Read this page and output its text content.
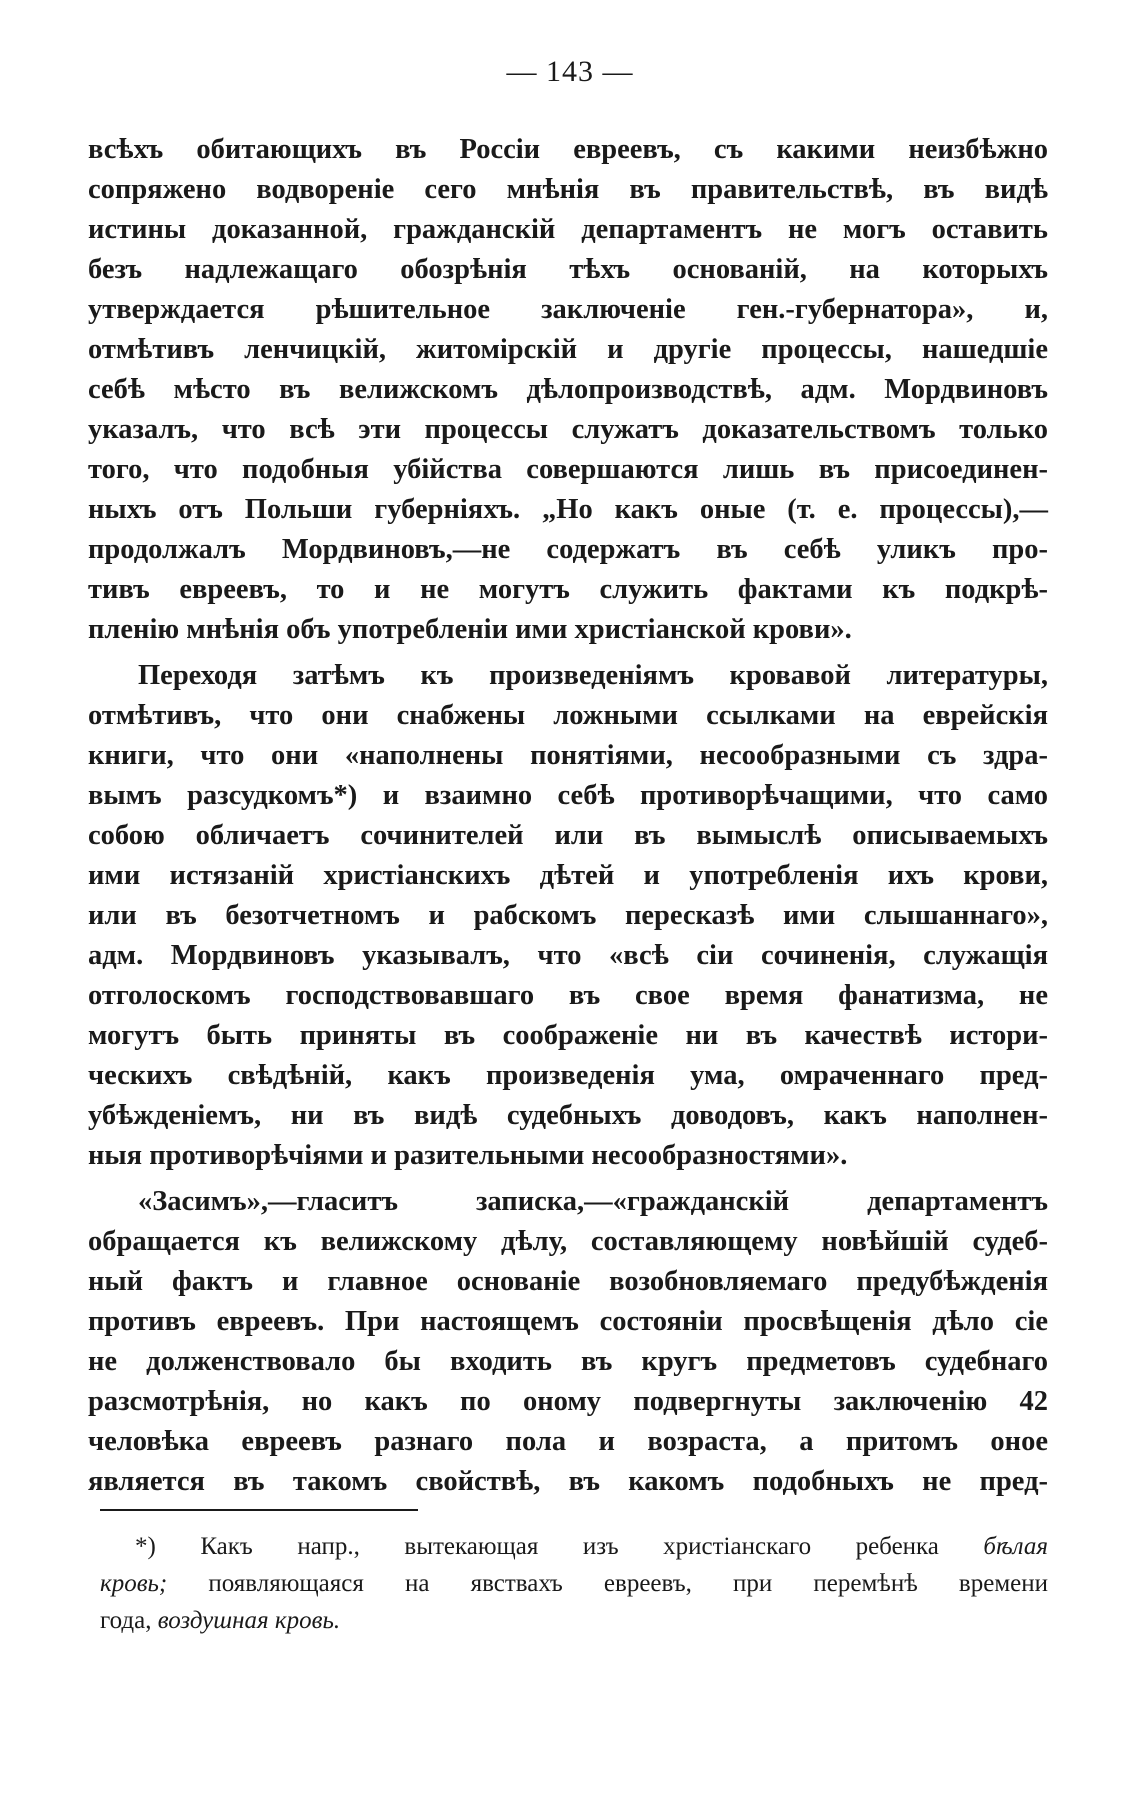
— 143 —
всѣхъ обитающихъ въ Россіи евреевъ, съ какими неизбѣжно
сопряжено водвореніе сего мнѣнія въ правительствѣ, въ видѣ
истины доказанной, гражданскій департаментъ не могъ оставить
безъ надлежащаго обозрѣнія тѣхъ основаній, на которыхъ
утверждается рѣшительное заключеніе ген.-губернатора», и,
отмѣтивъ ленчицкій, житомірскій и другіе процессы, нашедшіе
себѣ мѣсто въ велижскомъ дѣлопроизводствѣ, адм. Мордвиновъ
указалъ, что всѣ эти процессы служатъ доказательствомъ только
того, что подобныя убійства совершаются лишь въ присоединен-
ныхъ отъ Польши губерніяхъ. „Но какъ оные (т. е. процессы),—
продолжалъ Мордвиновъ,—не содержатъ въ себѣ уликъ про-
тивъ евреевъ, то и не могутъ служить фактами къ подкрѣ-
пленію мнѣнія объ употребленіи ими христіанской крови».
Переходя затѣмъ къ произведеніямъ кровавой литературы,
отмѣтивъ, что они снабжены ложными ссылками на еврейскія
книги, что они «наполнены понятіями, несообразными съ здра-
вымъ разсудкомъ*) и взаимно себѣ противорѣчащими, что само
собою обличаетъ сочинителей или въ вымыслѣ описываемыхъ
ими истязаній христіанскихъ дѣтей и употребленія ихъ крови,
или въ безотчетномъ и рабскомъ пересказѣ ими слышаннаго»,
адм. Мордвиновъ указывалъ, что «всѣ сіи сочиненія, служащія
отголоскомъ господствовавшаго въ свое время фанатизма, не
могутъ быть приняты въ соображеніе ни въ качествѣ истори-
ческихъ свѣдѣній, какъ произведенія ума, омраченнаго пред-
убѣжденіемъ, ни въ видѣ судебныхъ доводовъ, какъ наполнен-
ныя противорѣчіями и разительными несообразностями».
«Засимъ»,—гласитъ записка,—«гражданскій департаментъ
обращается къ велижскому дѣлу, составляющему новѣйшій судеб-
ный фактъ и главное основаніе возобновляемаго предубѣжденія
противъ евреевъ. При настоящемъ состояніи просвѣщенія дѣло сіе
не долженствовало бы входить въ кругъ предметовъ судебнаго
разсмотрѣнія, но какъ по оному подвергнуты заключенію 42
человѣка евреевъ разнаго пола и возраста, а притомъ оное
является въ такомъ свойствѣ, въ какомъ подобныхъ не пред-
*) Какъ напр., вытекающая изъ христіанскаго ребенка бѣлая
кровь; появляющаяся на явствахъ евреевъ, при перемѣнѣ времени
года, воздушная кровь.
